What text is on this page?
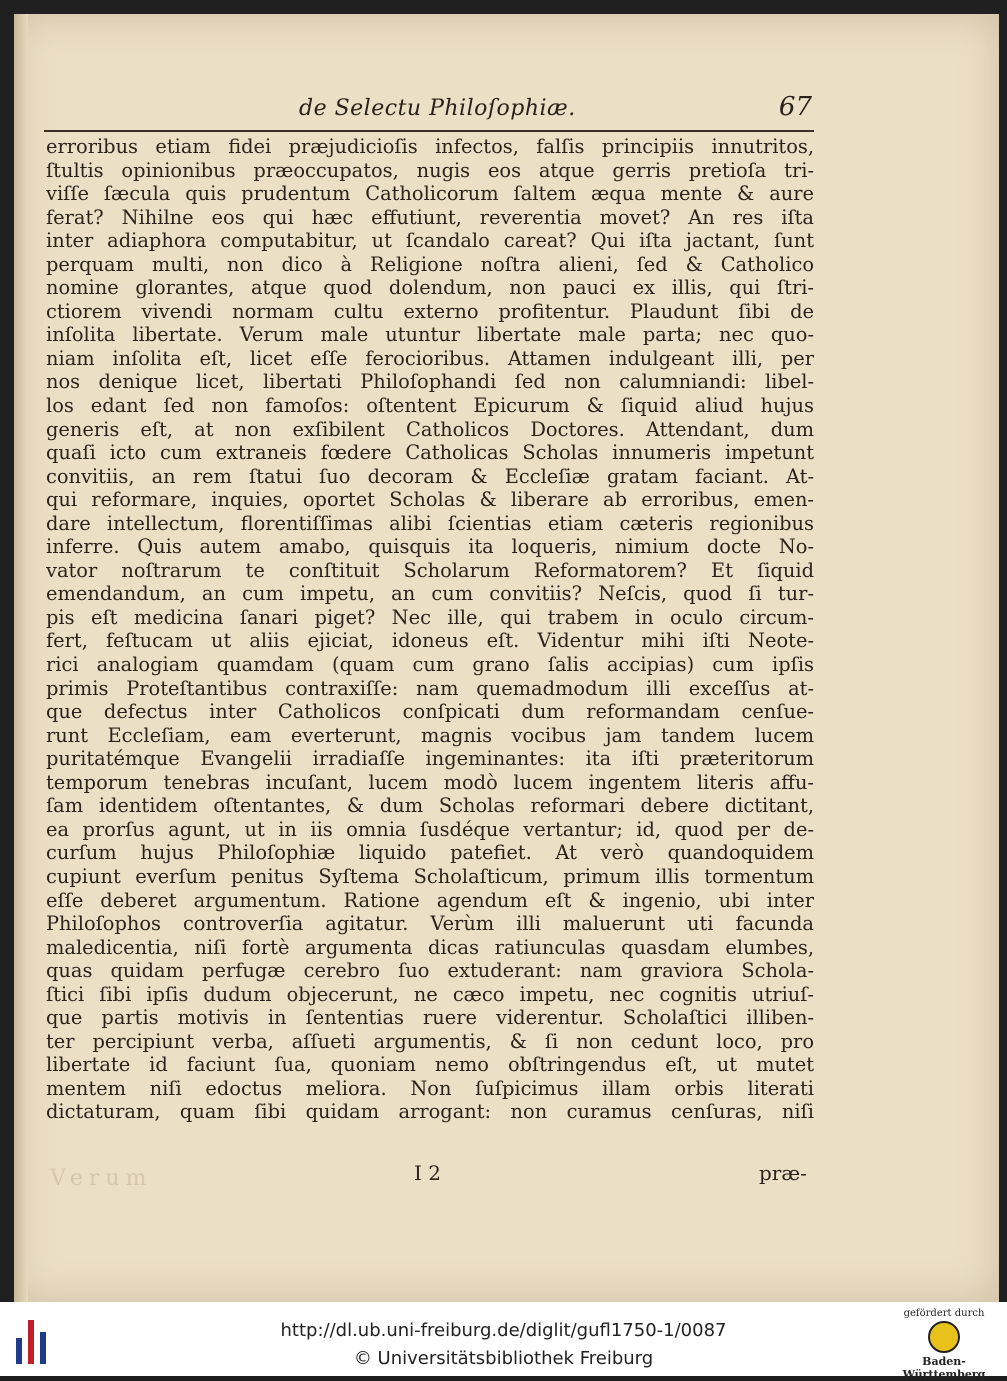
de Selectu Philoſophiæ.	67
erroribus etiam fidei præjudicioſis infectos, falſis principiis innutritos,
ſtultis opinionibus præoccupatos, nugis eos atque gerris pretioſa tri-
viſſe ſæcula quis prudentum Catholicorum ſaltem æqua mente & aure
ferat? Nihilne eos qui hæc effutiunt, reverentia movet? An res iſta
inter adiaphora computabitur, ut ſcandalo careat? Qui iſta jactant, ſunt
perquam multi, non dico à Religione noſtra alieni, ſed & Catholico
nomine glorantes, atque quod dolendum, non pauci ex illis, qui ſtri-
ctiorem vivendi normam cultu externo profitentur. Plaudunt ſibi de
inſolita libertate. Verum male utuntur libertate male parta; nec quo-
niam inſolita eſt, licet eſſe ferocioribus. Attamen indulgeant illi, per
nos denique licet, libertati Philoſophandi ſed non calumniandi: libel-
los edant ſed non famoſos: oſtentent Epicurum & ſiquid aliud hujus
generis eſt, at non exſibilent Catholicos Doctores. Attendant, dum
quaſi icto cum extraneis fœdere Catholicas Scholas innumeris impetunt
convitiis, an rem ſtatui ſuo decoram & Eccleſiæ gratam faciant. At-
qui reformare, inquies, oportet Scholas & liberare ab erroribus, emen-
dare intellectum, florentiſſimas alibi ſcientias etiam cæteris regionibus
inferre. Quis autem amabo, quisquis ita loqueris, nimium docte No-
vator noſtrarum te conſtituit Scholarum Reformatorem? Et ſiquid
emendandum, an cum impetu, an cum convitiis? Neſcis, quod ſi tur-
pis eſt medicina ſanari piget? Nec ille, qui trabem in oculo circum-
fert, feſtucam ut aliis ejiciat, idoneus eſt. Videntur mihi iſti Neote-
rici analogiam quamdam (quam cum grano ſalis accipias) cum ipſis
primis Proteſtantibus contraxiſſe: nam quemadmodum illi exceſſus at-
que defectus inter Catholicos conſpicati dum reformandam cenſue-
runt Eccleſiam, eam everterunt, magnis vocibus jam tandem lucem
puritatémque Evangelii irradiaſſe ingeminantes: ita iſti præteritorum
temporum tenebras incuſant, lucem modò lucem ingentem literis affu-
ſam identidem oſtentantes, & dum Scholas reformari debere dictitant,
ea prorſus agunt, ut in iis omnia ſusdéque vertantur; id, quod per de-
curſum hujus Philoſophiæ liquido patefiet. At verò quandoquidem
cupiunt everſum penitus Syſtema Scholaſticum, primum illis tormentum
eſſe deberet argumentum. Ratione agendum eſt & ingenio, ubi inter
Philoſophos controverſia agitatur. Verùm illi maluerunt uti facunda
maledicentia, niſi fortè argumenta dicas ratiunculas quasdam elumbes,
quas quidam perfugæ cerebro ſuo extuderant: nam graviora Schola-
ſtici ſibi ipſis dudum objecerunt, ne cæco impetu, nec cognitis utriuſ-
que partis motivis in ſententias ruere viderentur. Scholaſtici illiben-
ter percipiunt verba, aſſueti argumentis, & ſi non cedunt loco, pro
libertate id faciunt ſua, quoniam nemo obſtringendus eſt, ut mutet
mentem niſi edoctus meliora. Non ſuſpicimus illam orbis literati
dictaturam, quam ſibi quidam arrogant: non curamus cenſuras, niſi
Verum	I 2	præ-
http://dl.ub.uni-freiburg.de/diglit/gufl1750-1/0087
© Universitätsbibliothek Freiburg
gefördert durch
Baden-Württemberg
